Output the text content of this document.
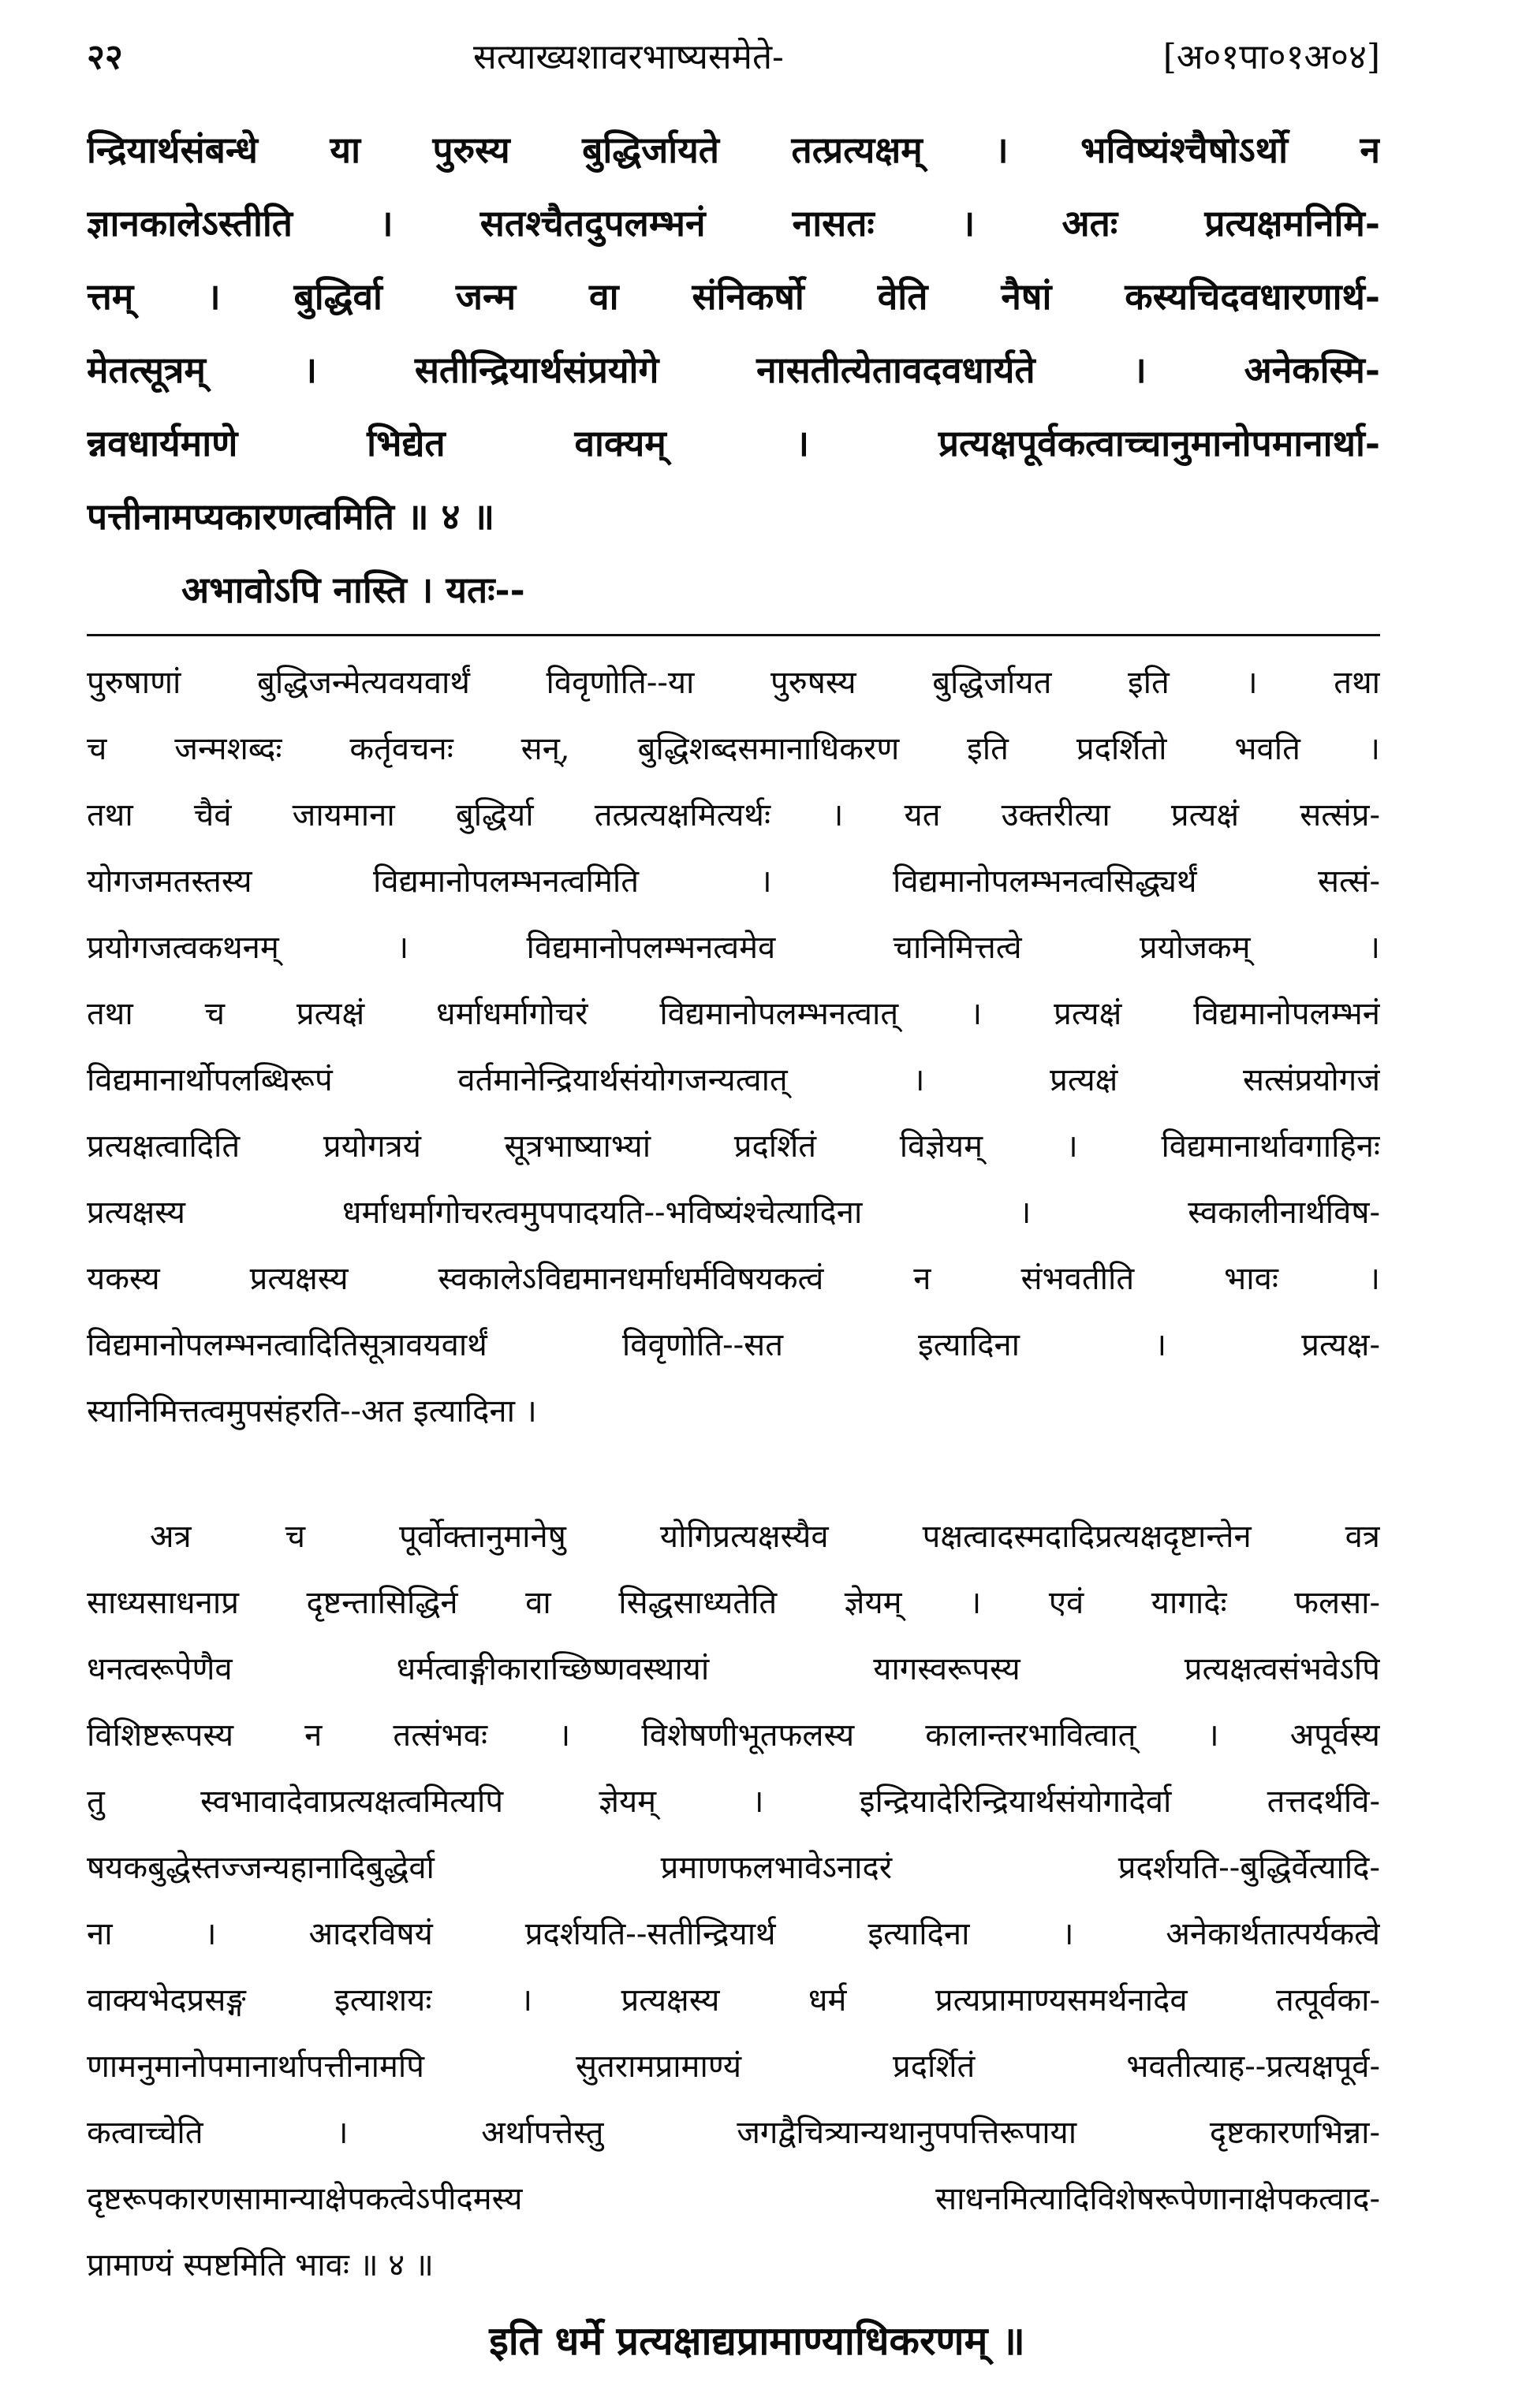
२२	सत्याख्यशावरभाष्यसमेते-	[अ०१पा०१अ०४]
न्द्रियार्थसंबन्धे या पुरुस्य बुद्धिर्जायते तत्प्रत्यक्षम् । भविष्यंश्चैषोऽर्थो न
ज्ञानकालेऽस्तीति । सतश्चैतदुपलम्भनं नासतः । अतः प्रत्यक्षमनिमि-
त्तम् । बुद्धिर्वा जन्म वा संनिकर्षो वेति नैषां कस्यचिदवधारणार्थ-
मेतत्सूत्रम् । सतीन्द्रियार्थसंप्रयोगे नासतीत्येतावदवधार्यते । अनेकस्मि-
न्नवधार्यमाणे भिद्येत वाक्यम् । प्रत्यक्षपूर्वकत्वाच्चानुमानोपमानार्था-
पत्तीनामप्यकारणत्वमिति ॥ ४ ॥
अभावोऽपि नास्ति । यतः--
पुरुषाणां बुद्धिजन्मेत्यवयवार्थं विवृणोति--या पुरुषस्य बुद्धिर्जायत इति । तथा
च जन्मशब्दः कर्तृवचनः सन्, बुद्धिशब्दसमानाधिकरण इति प्रदर्शितो भवति ।
तथा चैवं जायमाना बुद्धिर्या तत्प्रत्यक्षमित्यर्थः । यत उक्तरीत्या प्रत्यक्षं सत्संप्र-
योगजमतस्तस्य विद्यमानोपलम्भनत्वमिति । विद्यमानोपलम्भनत्वसिद्ध्यर्थं सत्सं-
प्रयोगजत्वकथनम् । विद्यमानोपलम्भनत्वमेव चानिमित्तत्वे प्रयोजकम् ।
तथा च प्रत्यक्षं धर्माधर्मागोचरं विद्यमानोपलम्भनत्वात् । प्रत्यक्षं विद्यमानोपलम्भनं
विद्यमानार्थोपलब्धिरूपं वर्तमानेन्द्रियार्थसंयोगजन्यत्वात् । प्रत्यक्षं सत्संप्रयोगजं
प्रत्यक्षत्वादिति प्रयोगत्रयं सूत्रभाष्याभ्यां प्रदर्शितं विज्ञेयम् । विद्यमानार्थावगाहिनः
प्रत्यक्षस्य धर्माधर्मागोचरत्वमुपपादयति--भविष्यंश्चेत्यादिना । स्वकालीनार्थविष-
यकस्य प्रत्यक्षस्य स्वकालेऽविद्यमानधर्माधर्मविषयकत्वं न संभवतीति भावः ।
विद्यमानोपलम्भनत्वादितिसूत्रावयवार्थं विवृणोति--सत इत्यादिना । प्रत्यक्ष-
स्यानिमित्तत्वमुपसंहरति--अत इत्यादिना ।
अत्र च पूर्वोक्तानुमानेषु योगिप्रत्यक्षस्यैव पक्षत्वादस्मदादिप्रत्यक्षदृष्टान्तेन वत्र
साध्यसाधनाप्र दृष्टन्तासिद्धिर्न वा सिद्धसाध्यतेति ज्ञेयम् । एवं यागादेः फलसा-
धनत्वरूपेणैव धर्मत्वाङ्गीकाराच्छिष्णवस्थायां यागस्वरूपस्य प्रत्यक्षत्वसंभवेऽपि
विशिष्टरूपस्य न तत्संभवः । विशेषणीभूतफलस्य कालान्तरभावित्वात् । अपूर्वस्य
तु स्वभावादेवाप्रत्यक्षत्वमित्यपि ज्ञेयम् । इन्द्रियादेरिन्द्रियार्थसंयोगादेर्वा तत्तदर्थवि-
षयकबुद्धेस्तज्जन्यहानादिबुद्धेर्वा प्रमाणफलभावेऽनादरं प्रदर्शयति--बुद्धिर्वेत्यादि-
ना । आदरविषयं प्रदर्शयति--सतीन्द्रियार्थ इत्यादिना । अनेकार्थतात्पर्यकत्वे
वाक्यभेदप्रसङ्ग इत्याशयः । प्रत्यक्षस्य धर्म प्रत्यप्रामाण्यसमर्थनादेव तत्पूर्वका-
णामनुमानोपमानार्थापत्तीनामपि सुतरामप्रामाण्यं प्रदर्शितं भवतीत्याह--प्रत्यक्षपूर्व-
कत्वाच्चेति । अर्थापत्तेस्तु जगद्वैचित्र्यान्यथानुपपत्तिरूपाया दृष्टकारणभिन्ना-
दृष्टरूपकारणसामान्याक्षेपकत्वेऽपीदमस्य साधनमित्यादिविशेषरूपेणानाक्षेपकत्वाद-
प्रामाण्यं स्पष्टमिति भावः ॥ ४ ॥
इति धर्मे प्रत्यक्षाद्यप्रामाण्याधिकरणम् ॥
